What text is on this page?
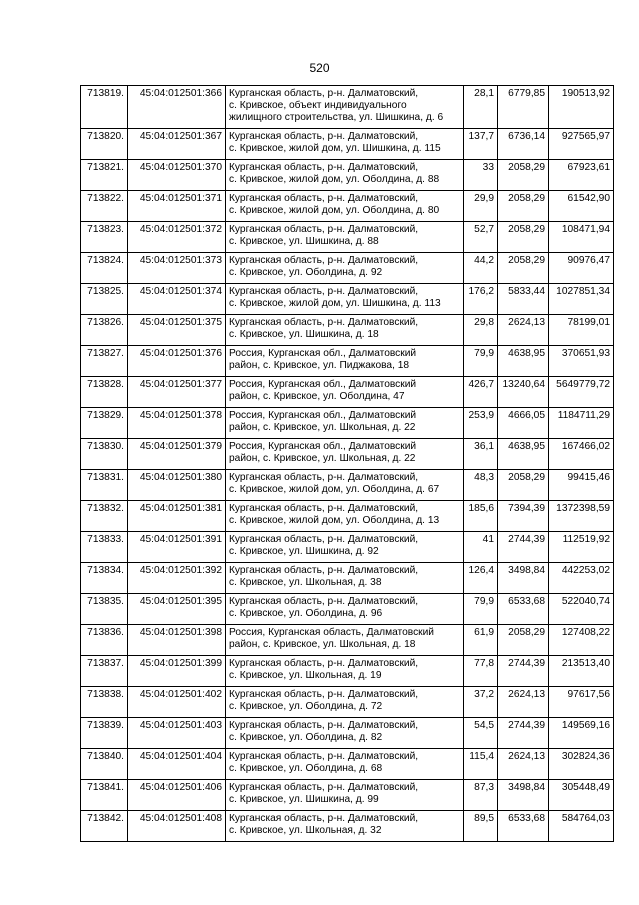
520
713819.	45:04:012501:366	Курганская область, р-н. Далматовский,
с. Кривское, объект индивидуального
жилищного строительства, ул. Шишкина, д. 6	28,1	6779,85	190513,92
713820.	45:04:012501:367	Курганская область, р-н. Далматовский,
с. Кривское, жилой дом, ул. Шишкина, д. 115	137,7	6736,14	927565,97
713821.	45:04:012501:370	Курганская область, р-н. Далматовский,
с. Кривское, жилой дом, ул. Оболдина, д. 88	33	2058,29	67923,61
713822.	45:04:012501:371	Курганская область, р-н. Далматовский,
с. Кривское, жилой дом, ул. Оболдина, д. 80	29,9	2058,29	61542,90
713823.	45:04:012501:372	Курганская область, р-н. Далматовский,
с. Кривское, ул. Шишкина, д. 88	52,7	2058,29	108471,94
713824.	45:04:012501:373	Курганская область, р-н. Далматовский,
с. Кривское, ул. Оболдина, д. 92	44,2	2058,29	90976,47
713825.	45:04:012501:374	Курганская область, р-н. Далматовский,
с. Кривское, жилой дом, ул. Шишкина, д. 113	176,2	5833,44	1027851,34
713826.	45:04:012501:375	Курганская область, р-н. Далматовский,
с. Кривское, ул. Шишкина, д. 18	29,8	2624,13	78199,01
713827.	45:04:012501:376	Россия, Курганская обл., Далматовский
район, с. Кривское, ул. Пиджакова, 18	79,9	4638,95	370651,93
713828.	45:04:012501:377	Россия, Курганская обл., Далматовский
район, с. Кривское, ул. Оболдина, 47	426,7	13240,64	5649779,72
713829.	45:04:012501:378	Россия, Курганская обл., Далматовский
район, с. Кривское, ул. Школьная, д. 22	253,9	4666,05	1184711,29
713830.	45:04:012501:379	Россия, Курганская обл., Далматовский
район, с. Кривское, ул. Школьная, д. 22	36,1	4638,95	167466,02
713831.	45:04:012501:380	Курганская область, р-н. Далматовский,
с. Кривское, жилой дом, ул. Оболдина, д. 67	48,3	2058,29	99415,46
713832.	45:04:012501:381	Курганская область, р-н. Далматовский,
с. Кривское, жилой дом, ул. Оболдина, д. 13	185,6	7394,39	1372398,59
713833.	45:04:012501:391	Курганская область, р-н. Далматовский,
с. Кривское, ул. Шишкина, д. 92	41	2744,39	112519,92
713834.	45:04:012501:392	Курганская область, р-н. Далматовский,
с. Кривское, ул. Школьная, д. 38	126,4	3498,84	442253,02
713835.	45:04:012501:395	Курганская область, р-н. Далматовский,
с. Кривское, ул. Оболдина, д. 96	79,9	6533,68	522040,74
713836.	45:04:012501:398	Россия, Курганская область, Далматовский
район, с. Кривское, ул. Школьная, д. 18	61,9	2058,29	127408,22
713837.	45:04:012501:399	Курганская область, р-н. Далматовский,
с. Кривское, ул. Школьная, д. 19	77,8	2744,39	213513,40
713838.	45:04:012501:402	Курганская область, р-н. Далматовский,
с. Кривское, ул. Оболдина, д. 72	37,2	2624,13	97617,56
713839.	45:04:012501:403	Курганская область, р-н. Далматовский,
с. Кривское, ул. Оболдина, д. 82	54,5	2744,39	149569,16
713840.	45:04:012501:404	Курганская область, р-н. Далматовский,
с. Кривское, ул. Оболдина, д. 68	115,4	2624,13	302824,36
713841.	45:04:012501:406	Курганская область, р-н. Далматовский,
с. Кривское, ул. Шишкина, д. 99	87,3	3498,84	305448,49
713842.	45:04:012501:408	Курганская область, р-н. Далматовский,
с. Кривское, ул. Школьная, д. 32	89,5	6533,68	584764,03
